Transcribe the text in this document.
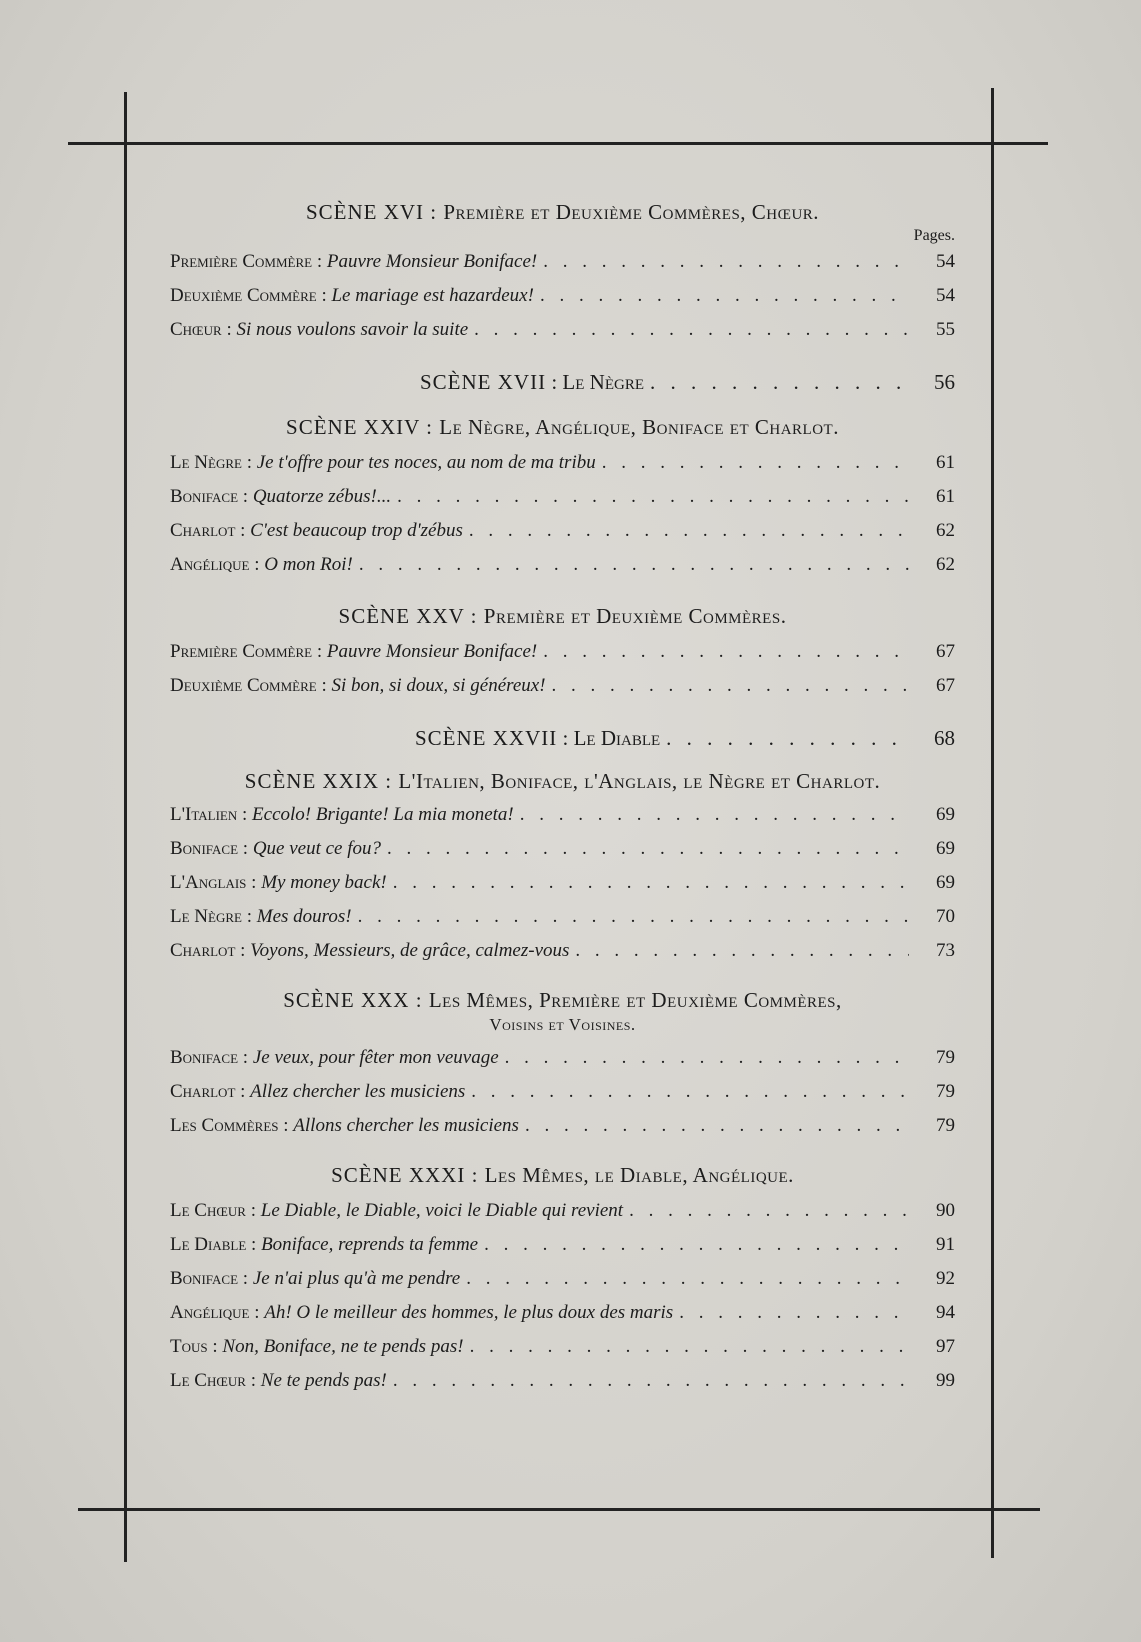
SCÈNE XVI : Première et Deuxième Commères, Chœur.
Pages.
Première Commère : Pauvre Monsieur Boniface! . . .	54
Deuxième Commère : Le mariage est hazardeux! . . .	54
Chœur : Si nous voulons savoir la suite . . .	55
SCÈNE XVII : Le Nègre . . .	56
SCÈNE XXIV : Le Nègre, Angélique, Boniface et Charlot.
Le Nègre : Je t'offre pour tes noces, au nom de ma tribu . . .	61
Boniface : Quatorze zébus!... . . .	61
Charlot : C'est beaucoup trop d'zébus . . .	62
Angélique : O mon Roi! . . .	62
SCÈNE XXV : Première et Deuxième Commères.
Première Commère : Pauvre Monsieur Boniface! . . .	67
Deuxième Commère : Si bon, si doux, si généreux! . . .	67
SCÈNE XXVII : Le Diable . . .	68
SCÈNE XXIX : L'Italien, Boniface, l'Anglais, le Nègre et Charlot.
L'Italien : Eccolo! Brigante! La mia moneta! . . .	69
Boniface : Que veut ce fou? . . .	69
L'Anglais : My money back! . . .	69
Le Nègre : Mes douros! . . .	70
Charlot : Voyons, Messieurs, de grâce, calmez-vous . . .	73
SCÈNE XXX : Les Mêmes, Première et Deuxième Commères,
Voisins et Voisines.
Boniface : Je veux, pour fêter mon veuvage . . .	79
Charlot : Allez chercher les musiciens . . .	79
Les Commères : Allons chercher les musiciens . . .	79
SCÈNE XXXI : Les Mêmes, le Diable, Angélique.
Le Chœur : Le Diable, le Diable, voici le Diable qui revient . . .	90
Le Diable : Boniface, reprends ta femme . . .	91
Boniface : Je n'ai plus qu'à me pendre . . .	92
Angélique : Ah! O le meilleur des hommes, le plus doux des maris . . .	94
Tous : Non, Boniface, ne te pends pas! . . .	97
Le Chœur : Ne te pends pas! . . .	99
